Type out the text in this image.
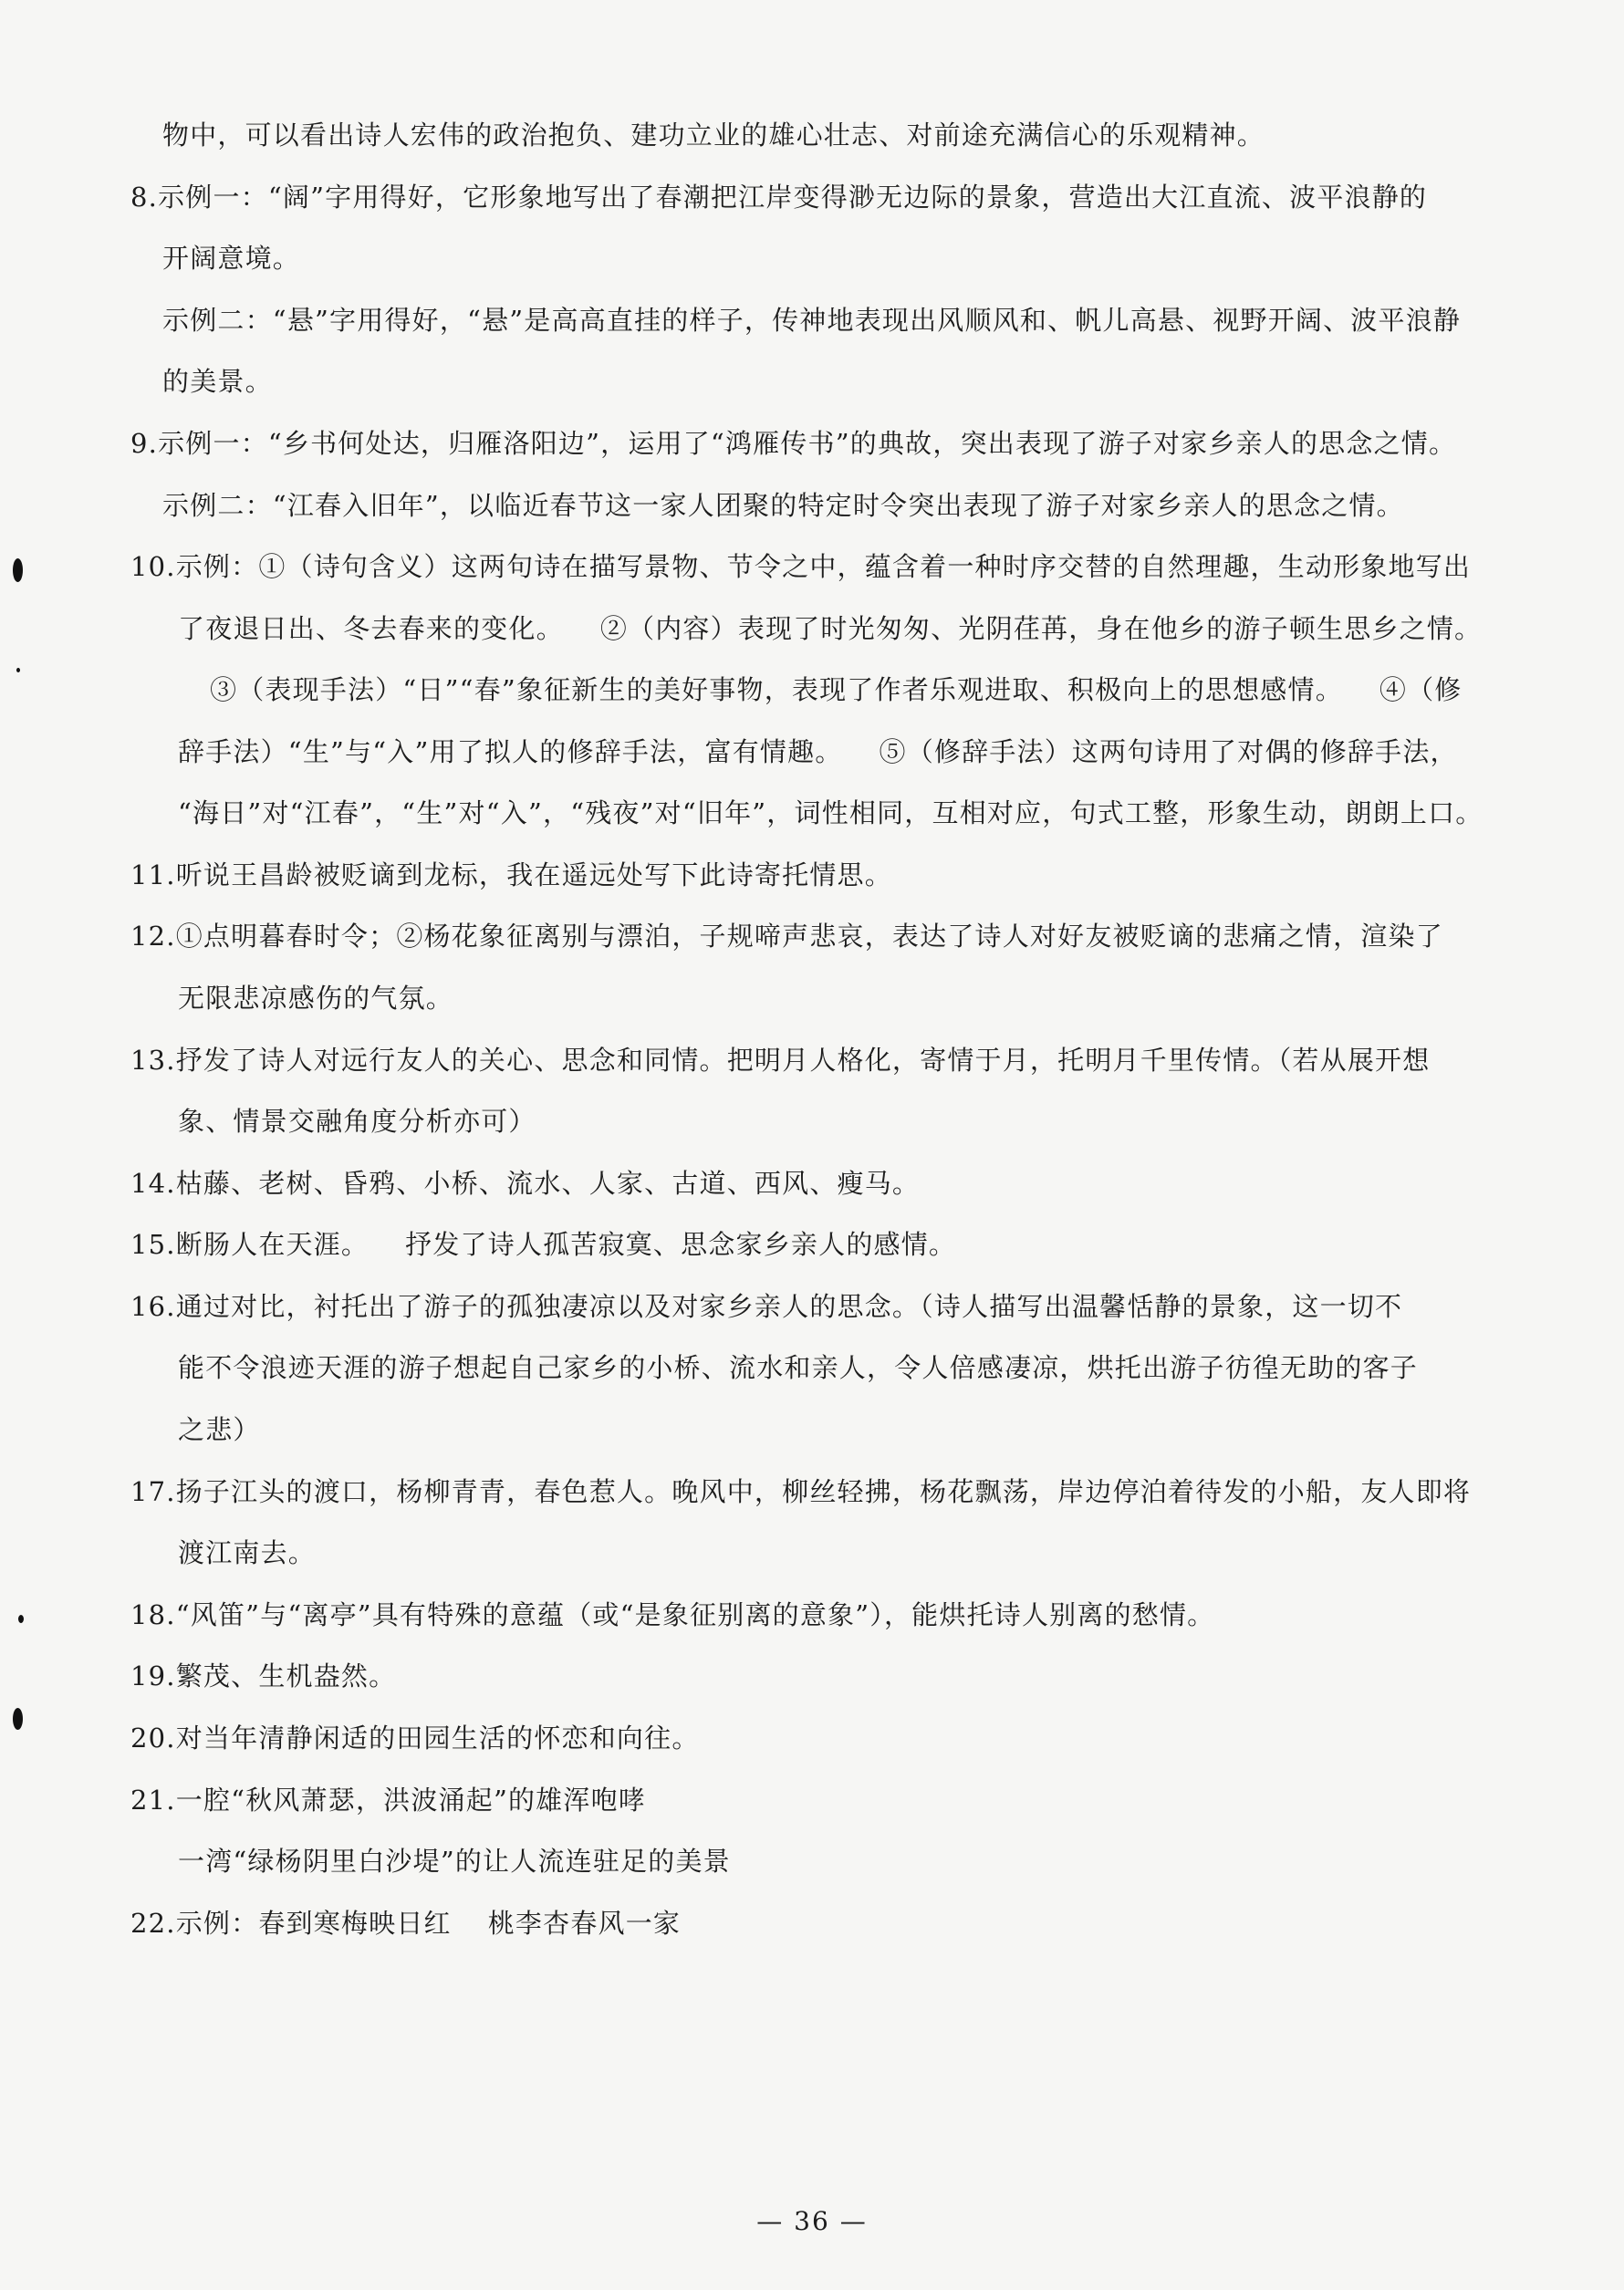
物中，可以看出诗人宏伟的政治抱负、建功立业的雄心壮志、对前途充满信心的乐观精神。
8.示例一：“阔”字用得好，它形象地写出了春潮把江岸变得渺无边际的景象，营造出大江直流、波平浪静的
开阔意境。
示例二：“悬”字用得好，“悬”是高高直挂的样子，传神地表现出风顺风和、帆儿高悬、视野开阔、波平浪静
的美景。
9.示例一：“乡书何处达，归雁洛阳边”，运用了“鸿雁传书”的典故，突出表现了游子对家乡亲人的思念之情。
示例二：“江春入旧年”，以临近春节这一家人团聚的特定时令突出表现了游子对家乡亲人的思念之情。
10.示例：①（诗句含义）这两句诗在描写景物、节令之中，蕴含着一种时序交替的自然理趣，生动形象地写出
了夜退日出、冬去春来的变化。 ②（内容）表现了时光匆匆、光阴荏苒，身在他乡的游子顿生思乡之情。
③（表现手法）“日”“春”象征新生的美好事物，表现了作者乐观进取、积极向上的思想感情。 ④（修
辞手法）“生”与“入”用了拟人的修辞手法，富有情趣。 ⑤（修辞手法）这两句诗用了对偶的修辞手法，
“海日”对“江春”，“生”对“入”，“残夜”对“旧年”，词性相同，互相对应，句式工整，形象生动，朗朗上口。
11.听说王昌龄被贬谪到龙标，我在遥远处写下此诗寄托情思。
12.①点明暮春时令；②杨花象征离别与漂泊，子规啼声悲哀，表达了诗人对好友被贬谪的悲痛之情，渲染了
无限悲凉感伤的气氛。
13.抒发了诗人对远行友人的关心、思念和同情。把明月人格化，寄情于月，托明月千里传情。（若从展开想
象、情景交融角度分析亦可）
14.枯藤、老树、昏鸦、小桥、流水、人家、古道、西风、瘦马。
15.断肠人在天涯。 抒发了诗人孤苦寂寞、思念家乡亲人的感情。
16.通过对比，衬托出了游子的孤独凄凉以及对家乡亲人的思念。（诗人描写出温馨恬静的景象，这一切不
能不令浪迹天涯的游子想起自己家乡的小桥、流水和亲人，令人倍感凄凉，烘托出游子彷徨无助的客子
之悲）
17.扬子江头的渡口，杨柳青青，春色惹人。晚风中，柳丝轻拂，杨花飘荡，岸边停泊着待发的小船，友人即将
渡江南去。
18.“风笛”与“离亭”具有特殊的意蕴（或“是象征别离的意象”），能烘托诗人别离的愁情。
19.繁茂、生机盎然。
20.对当年清静闲适的田园生活的怀恋和向往。
21.一腔“秋风萧瑟，洪波涌起”的雄浑咆哮
一湾“绿杨阴里白沙堤”的让人流连驻足的美景
22.示例：春到寒梅映日红 桃李杏春风一家
— 36 —
